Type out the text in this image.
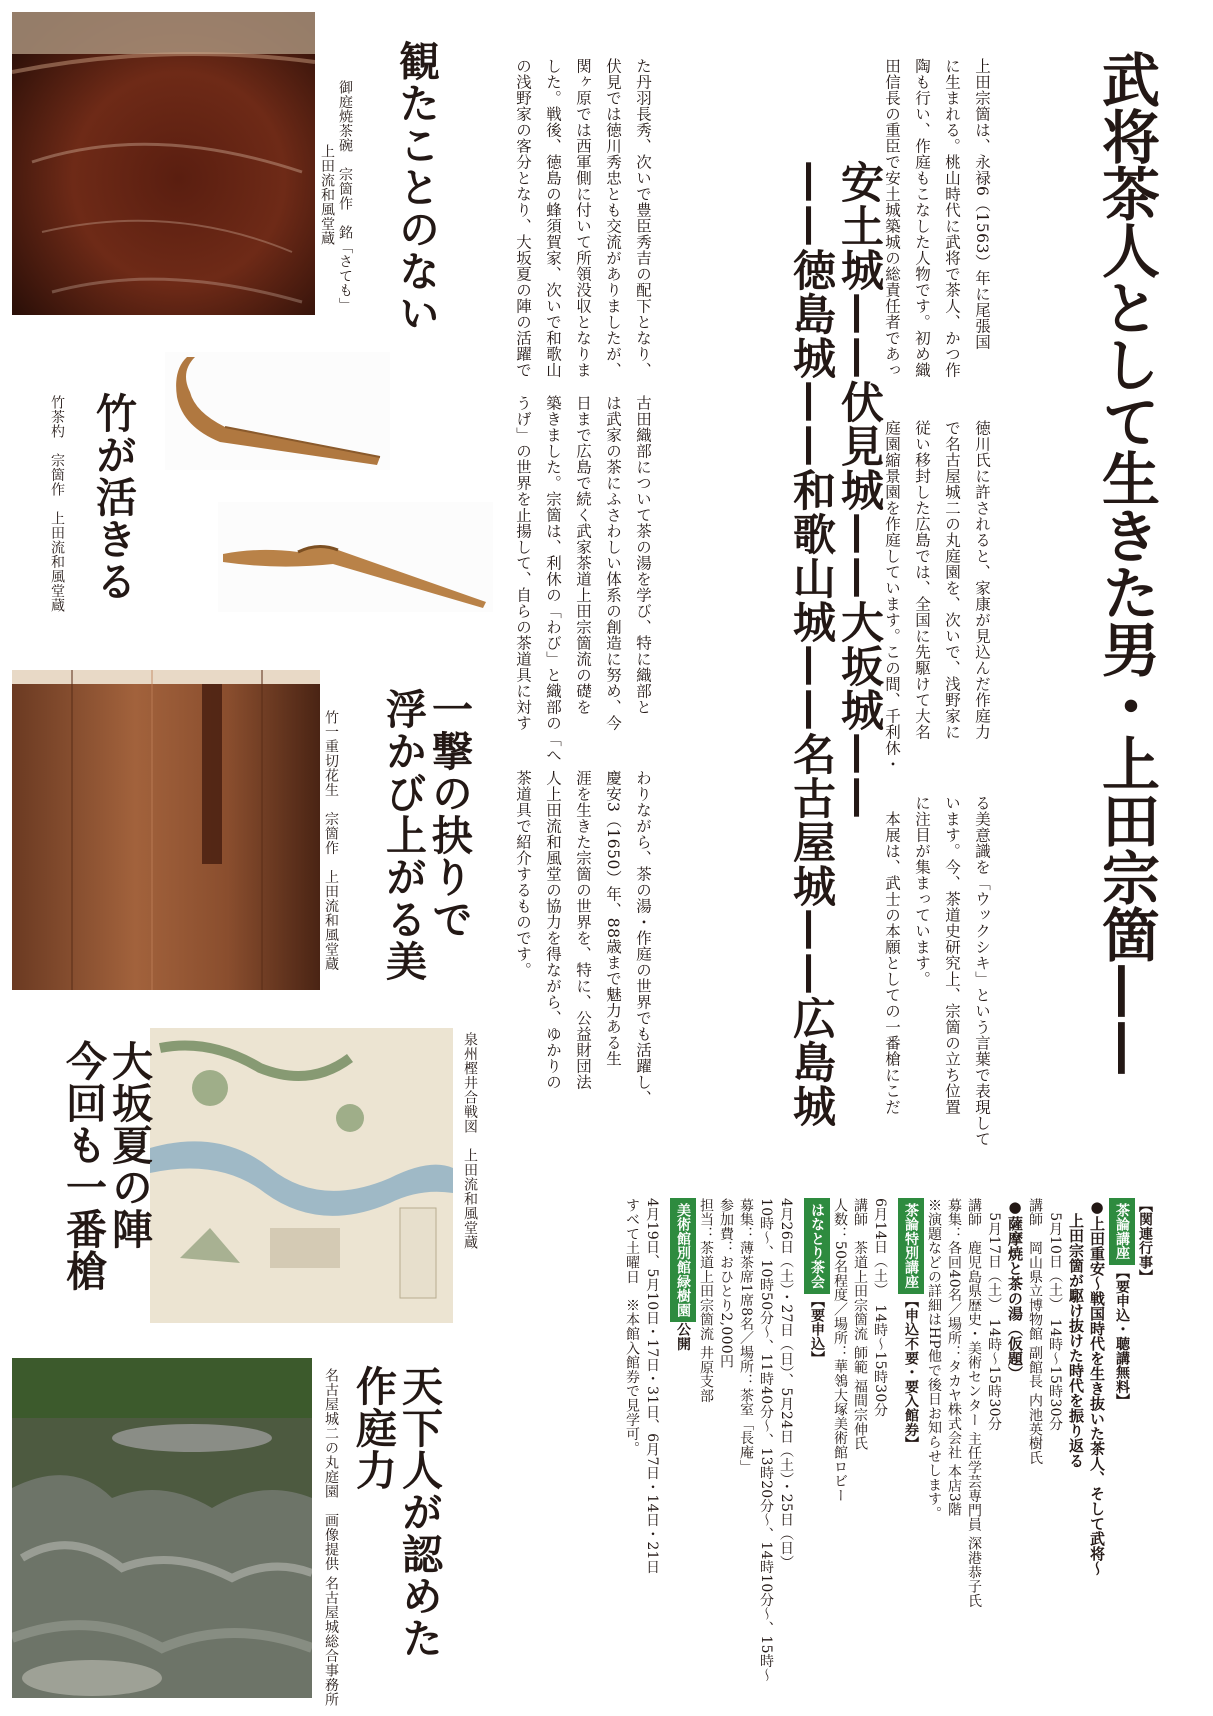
武将茶人として生きた男・上田宗箇——
上田宗箇は、永禄6（1563）年に尾張国
に生まれる。桃山時代に武将で茶人、かつ作
陶も行い、作庭もこなした人物です。初め織
田信長の重臣で安土城築城の総責任者であっ
徳川氏に許されると、家康が見込んだ作庭力
で名古屋城二の丸庭園を、次いで、浅野家に
従い移封した広島では、全国に先駆けて大名
庭園縮景園を作庭しています。この間、千利休・
る美意識を「ウックシキ」という言葉で表現して
います。今、茶道史研究上、宗箇の立ち位置
に注目が集まっています。
　本展は、武士の本願としての一番槍にこだ
安土城——伏見城——大坂城——
——徳島城——和歌山城——名古屋城——広島城
た丹羽長秀、次いで豊臣秀吉の配下となり、
伏見では徳川秀忠とも交流がありましたが、
関ヶ原では西軍側に付いて所領没収となりま
した。戦後、徳島の蜂須賀家、次いで和歌山
の浅野家の客分となり、大坂夏の陣の活躍で
古田織部について茶の湯を学び、特に織部と
は武家の茶にふさわしい体系の創造に努め、今
日まで広島で続く武家茶道上田宗箇流の礎を
築きました。宗箇は、利休の「わび」と織部の「へ
うげ」の世界を止揚して、自らの茶道具に対す
わりながら、茶の湯・作庭の世界でも活躍し、
慶安3（1650）年、88歳まで魅力ある生
涯を生きた宗箇の世界を、特に、公益財団法
人上田流和風堂の協力を得ながら、ゆかりの
茶道具で紹介するものです。
観たことのない
竹が活きる
一撃の抉りで
浮かび上がる美
大坂夏の陣
今回も一番槍
天下人が認めた
作庭力
御庭焼茶碗　宗箇作　銘「さても」
上田流和風堂蔵
竹茶杓　宗箇作　上田流和風堂蔵
竹一重切花生　宗箇作　上田流和風堂蔵
泉州樫井合戦図　上田流和風堂蔵
名古屋城二の丸庭園　画像提供 名古屋城総合事務所
【関連行事】
茶論講座【要申込・聴講無料】
●上田重安～戦国時代を生き抜いた茶人、そして武将～
　上田宗箇が駆け抜けた時代を振り返る
　5月10日（土）　14時～15時30分
講師　岡山県立博物館 副館長 内池英樹氏
●薩摩焼と茶の湯（仮題）
　5月17日（土）　14時～15時30分
講師　鹿児島県歴史・美術センター 主任学芸専門員 深港恭子氏
募集：各回40名／場所：タカヤ株式会社 本店3階
※演題などの詳細はHP他で後日お知らせします。
茶論特別講座【申込不要・要入館券】
6月14日（土）　14時～15時30分
講師　茶道上田宗箇流 師範 福間宗伸氏
人数：50名程度／場所：華鴒大塚美術館ロビー
はなとり茶会【要申込】
4月26日（土）・27日（日）、5月24日（土）・25日（日）
10時～、10時50分～、11時40分～、13時20分～、14時10分～、15時～
募集：薄茶席1席8名／場所：茶室「長庵」
参加費：おひとり2,000円
担当：茶道上田宗箇流 井原支部
美術館別館緑樹園公開
4月19日、5月10日・17日・31日、6月7日・14日・21日
すべて土曜日　※本館入館券で見学可。
